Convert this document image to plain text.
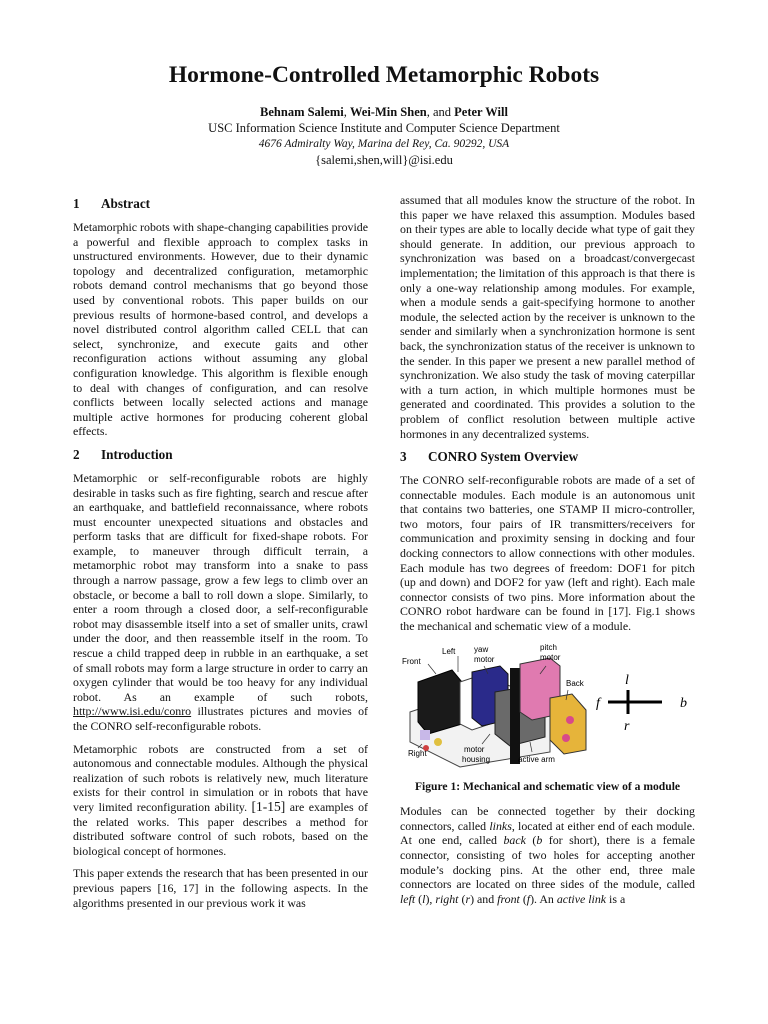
Hormone-Controlled Metamorphic Robots
Behnam Salemi, Wei-Min Shen, and Peter Will
USC Information Science Institute and Computer Science Department
4676 Admiralty Way, Marina del Rey, Ca. 90292, USA
{salemi,shen,will}@isi.edu
1 Abstract

Metamorphic robots with shape-changing capabilities provide a powerful and flexible approach to complex tasks in unstructured environments. However, due to their dynamic topology and decentralized configuration, metamorphic robots demand control mechanisms that go beyond those used by conventional robots. This paper builds on our previous results of hormone-based control, and develops a novel distributed control algorithm called CELL that can select, synchronize, and execute gaits and other reconfiguration actions without assuming any global configuration knowledge. This algorithm is flexible enough to deal with changes of configuration, and can resolve conflicts between locally selected actions and manage multiple active hormones for producing coherent global effects.

2 Introduction

Metamorphic or self-reconfigurable robots are highly desirable in tasks such as fire fighting, search and rescue after an earthquake, and battlefield reconnaissance, where robots must encounter unexpected situations and obstacles and perform tasks that are difficult for fixed-shape robots. For example, to maneuver through difficult terrain, a metamorphic robot may transform into a snake to pass through a narrow passage, grow a few legs to climb over an obstacle, or become a ball to roll down a slope. Similarly, to enter a room through a closed door, a self-reconfigurable robot may disassemble itself into a set of smaller units, crawl under the door, and then reassemble itself in the room. To rescue a child trapped deep in rubble in an earthquake, a set of small robots may form a large structure in order to carry an oxygen cylinder that would be too heavy for any individual robot. As an example of such robots, http://www.isi.edu/conro illustrates pictures and movies of the CONRO self-reconfigurable robots.

Metamorphic robots are constructed from a set of autonomous and connectable modules. Although the physical realization of such robots is relatively new, much literature exists for their control in simulation or in robots that have very limited reconfiguration ability. [1-15] are examples of the related works. This paper describes a method for distributed software control of such robots, based on the biological concept of hormones.

This paper extends the research that has been presented in our previous papers [16, 17] in the following aspects. In the algorithms presented in our previous work it was

assumed that all modules know the structure of the robot. In this paper we have relaxed this assumption. Modules based on their types are able to locally decide what type of gait they should generate. In addition, our previous approach to synchronization was based on a broadcast/convergecast implementation; the limitation of this approach is that there is only a one-way relationship among modules. For example, when a module sends a gait-specifying hormone to another module, the selected action by the receiver is unknown to the sender and similarly when a synchronization hormone is sent back, the synchronization status of the receiver is unknown to the sender. In this paper we present a new parallel method of synchronization. We also study the task of moving caterpillar with a turn action, in which multiple hormones must be generated and coordinated. This provides a solution to the problem of conflict resolution between multiple active hormones in any decentralized systems.

3 CONRO System Overview

The CONRO self-reconfigurable robots are made of a set of connectable modules. Each module is an autonomous unit that contains two batteries, one STAMP II micro-controller, two motors, four pairs of IR transmitters/receivers for communication and proximity sensing in docking and four docking connectors to allow connections with other modules. Each module has two degrees of freedom: DOF1 for pitch (up and down) and DOF2 for yaw (left and right). Each male connector consists of two pins. More information about the CONRO robot hardware can be found in [17]. Fig.1 shows the mechanical and schematic view of a module.

Front
Left yaw
motor
pitch
motor
Back
Right	motor
housing	active arm
l
f	b
r
Figure 1: Mechanical and schematic view of a module

Modules can be connected together by their docking connectors, called links, located at either end of each module. At one end, called back (b for short), there is a female connector, consisting of two holes for accepting another module’s docking pins. At the other end, three male connectors are located on three sides of the module, called left (l), right (r) and front (f). An active link is a
